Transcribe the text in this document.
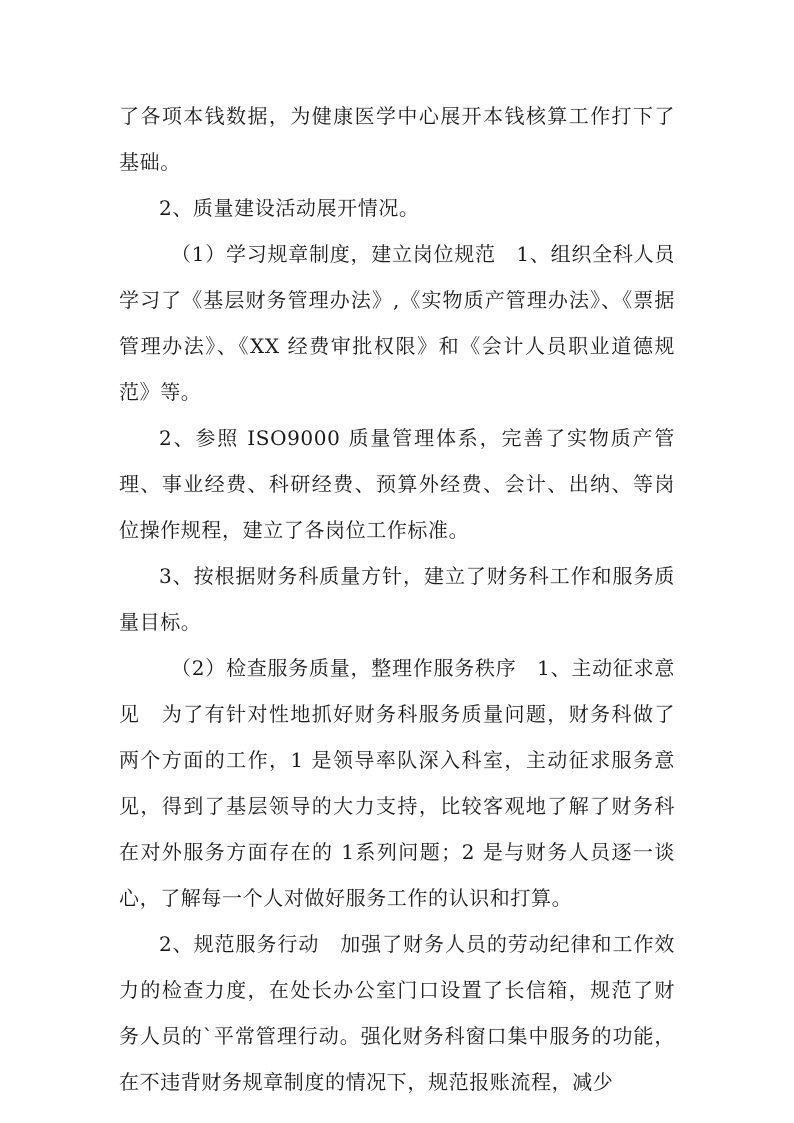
了各项本钱数据，为健康医学中心展开本钱核算工作打下了基础。

2、质量建设活动展开情况。

（1）学习规章制度，建立岗位规范　1、组织全科人员学习了《基层财务管理办法》,《实物质产管理办法》、《票据管理办法》、《XX 经费审批权限》和《会计人员职业道德规范》等。

2、参照 ISO9000 质量管理体系，完善了实物质产管理、事业经费、科研经费、预算外经费、会计、出纳、等岗位操作规程，建立了各岗位工作标准。

3、按根据财务科质量方针，建立了财务科工作和服务质量目标。

（2）检查服务质量，整理作服务秩序　1、主动征求意见　为了有针对性地抓好财务科服务质量问题，财务科做了两个方面的工作，1 是领导率队深入科室，主动征求服务意见，得到了基层领导的大力支持，比较客观地了解了财务科在对外服务方面存在的 1系列问题；2 是与财务人员逐一谈心，了解每一个人对做好服务工作的认识和打算。

2、规范服务行动　加强了财务人员的劳动纪律和工作效力的检查力度，在处长办公室门口设置了长信箱，规范了财务人员的`平常管理行动。强化财务科窗口集中服务的功能，在不违背财务规章制度的情况下，规范报账流程，减少
